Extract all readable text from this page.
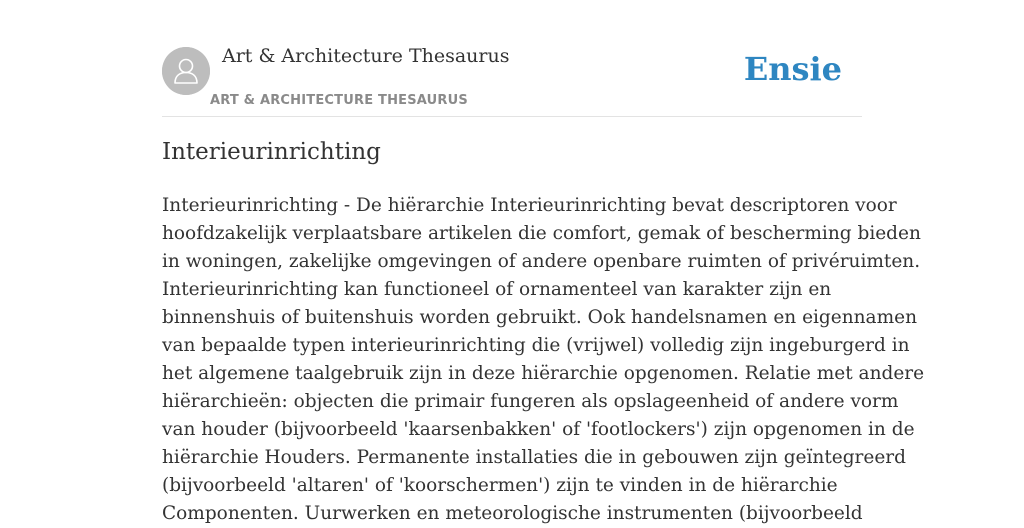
Art & Architecture Thesaurus
ART & ARCHITECTURE THESAURUS
Ensie
Interieurinrichting

Interieurinrichting - De hiërarchie Interieurinrichting bevat descriptoren voor
hoofdzakelijk verplaatsbare artikelen die comfort, gemak of bescherming bieden
in woningen, zakelijke omgevingen of andere openbare ruimten of privéruimten.
Interieurinrichting kan functioneel of ornamenteel van karakter zijn en
binnenshuis of buitenshuis worden gebruikt. Ook handelsnamen en eigennamen
van bepaalde typen interieurinrichting die (vrijwel) volledig zijn ingeburgerd in
het algemene taalgebruik zijn in deze hiërarchie opgenomen. Relatie met andere
hiërarchieën: objecten die primair fungeren als opslageenheid of andere vorm
van houder (bijvoorbeeld 'kaarsenbakken' of 'footlockers') zijn opgenomen in de
hiërarchie Houders. Permanente installaties die in gebouwen zijn geïntegreerd
(bijvoorbeeld 'altaren' of 'koorschermen') zijn te vinden in de hiërarchie
Componenten. Uurwerken en meteorologische instrumenten (bijvoorbeeld
